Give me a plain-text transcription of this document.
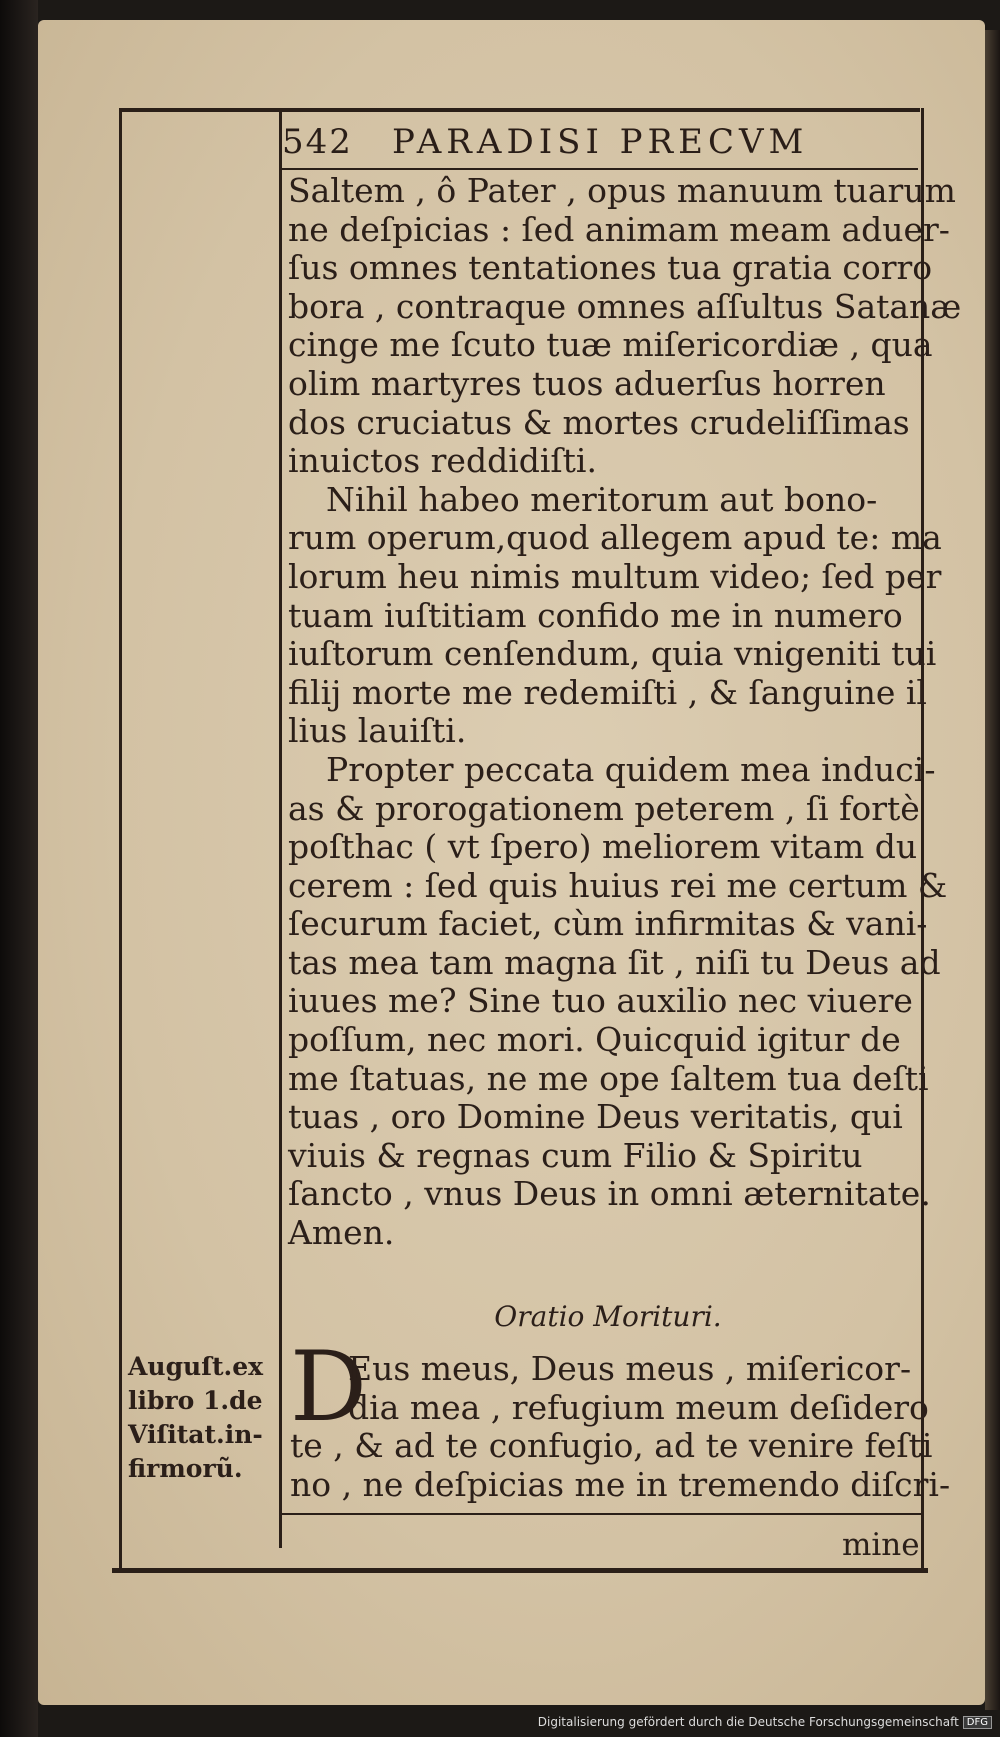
542 PARADISI PRECVM
Saltem , ô Pater , opus manuum tuarum
ne deſpicias : ſed animam meam aduer-
ſus omnes tentationes tua gratia corro
bora , contraque omnes aſſultus Satanæ
cinge me ſcuto tuæ miſericordiæ , qua
olim martyres tuos aduerſus horren
dos cruciatus & mortes crudeliſſimas
inuictos reddidiſti.
Nihil habeo meritorum aut bono-
rum operum,quod allegem apud te: ma
lorum heu nimis multum video; ſed per
tuam iuſtitiam confido me in numero
iuſtorum cenſendum, quia vnigeniti tui
filij morte me redemiſti , & ſanguine il
lius lauiſti.
Propter peccata quidem mea induci-
as & prorogationem peterem , ſi fortè
poſthac ( vt ſpero) meliorem vitam du
cerem : ſed quis huius rei me certum &
ſecurum faciet, cùm infirmitas & vani-
tas mea tam magna ſit , niſi tu Deus ad
iuues me? Sine tuo auxilio nec viuere
poſſum, nec mori. Quicquid igitur de
me ſtatuas, ne me ope ſaltem tua deſti
tuas , oro Domine Deus veritatis, qui
viuis & regnas cum Filio & Spiritu
ſancto , vnus Deus in omni æternitate.
Amen.
Oratio Morituri.
D
Eus meus, Deus meus , miſericor-
dia mea , refugium meum deſidero
te , & ad te confugio, ad te venire feſti
no , ne deſpicias me in tremendo diſcri-
Auguſt.ex
libro 1.de
Viſitat.in-
firmorũ.
mine
Digitalisierung gefördert durch die Deutsche Forschungsgemeinschaft DFG
